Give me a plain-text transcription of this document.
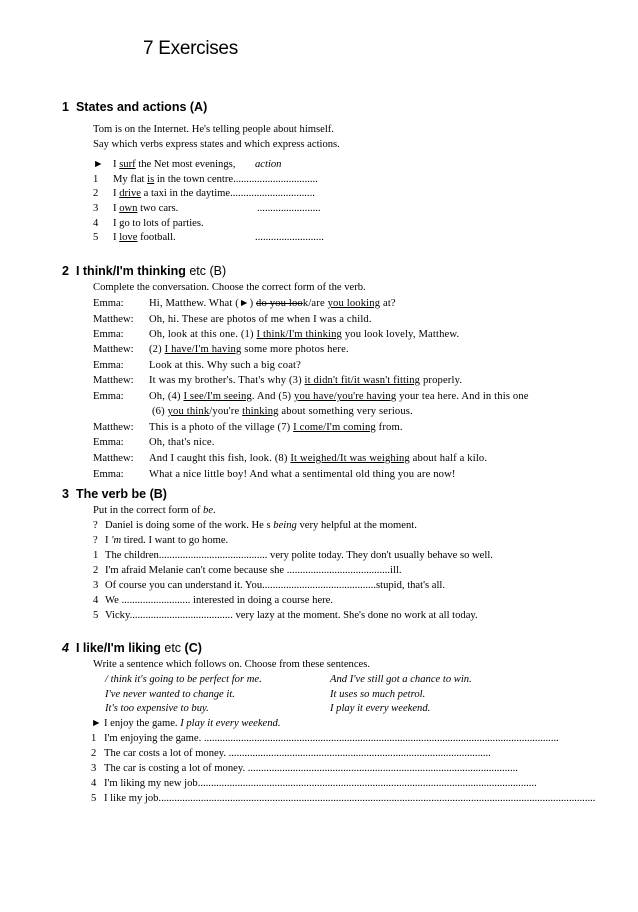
7 Exercises
1 States and actions (A)
Tom is on the Internet. He's telling people about himself.
Say which verbs express states and which express actions.
► I surf the Net most evenings, action
1 My flat is in the town centre................................
2 I drive a taxi in the daytime................................
3 I own two cars.	........................
4 I go to lots of parties.
5 I love football.	..........................
2 I think/I'm thinking etc (B)
Complete the conversation. Choose the correct form of the verb.
Emma: Hi, Matthew. What (►) do you look/are you looking at?
Matthew: Oh, hi. These are photos of me when I was a child.
Emma: Oh, look at this one. (1) I think/I'm thinking you look lovely, Matthew.
Matthew: (2) I have/I'm having some more photos here.
Emma: Look at this. Why such a big coat?
Matthew: It was my brother's. That's why (3) it didn't fit/it wasn't fitting properly.
Emma: Oh, (4) I see/I'm seeing. And (5) you have/you're having your tea here. And in this one
(6) you think/you're thinking about something very serious.
Matthew: This is a photo of the village (7) I come/I'm coming from.
Emma: Oh, that's nice.
Matthew: And I caught this fish, look. (8) It weighed/It was weighing about half a kilo.
Emma: What a nice little boy! And what a sentimental old thing you are now!
3 The verb be (B)
Put in the correct form of be.
? Daniel is doing some of the work. He s being very helpful at the moment.
? I 'm tired. I want to go home.
1 The children......................................... very polite today. They don't usually behave so well.
2 I'm afraid Melanie can't come because she .......................................ill.
3 Of course you can understand it. You...........................................stupid, that's all.
4 We .......................... interested in doing a course here.
5 Vicky....................................... very lazy at the moment. She's done no work at all today.
4 I like/I'm liking etc (C)
Write a sentence which follows on. Choose from these sentences.
/ think it's going to be perfect for me.	And I've still got a chance to win.
I've never wanted to change it.	It uses so much petrol.
It's too expensive to buy.	I play it every weekend.
► I enjoy the game. I play it every weekend.
1 I'm enjoying the game. ......................................................................................................................................
2 The car costs a lot of money. ...................................................................................................
3 The car is costing a lot of money. ......................................................................................................
4 I'm liking my new job................................................................................................................................
5 I like my job.....................................................................................................................................................................
